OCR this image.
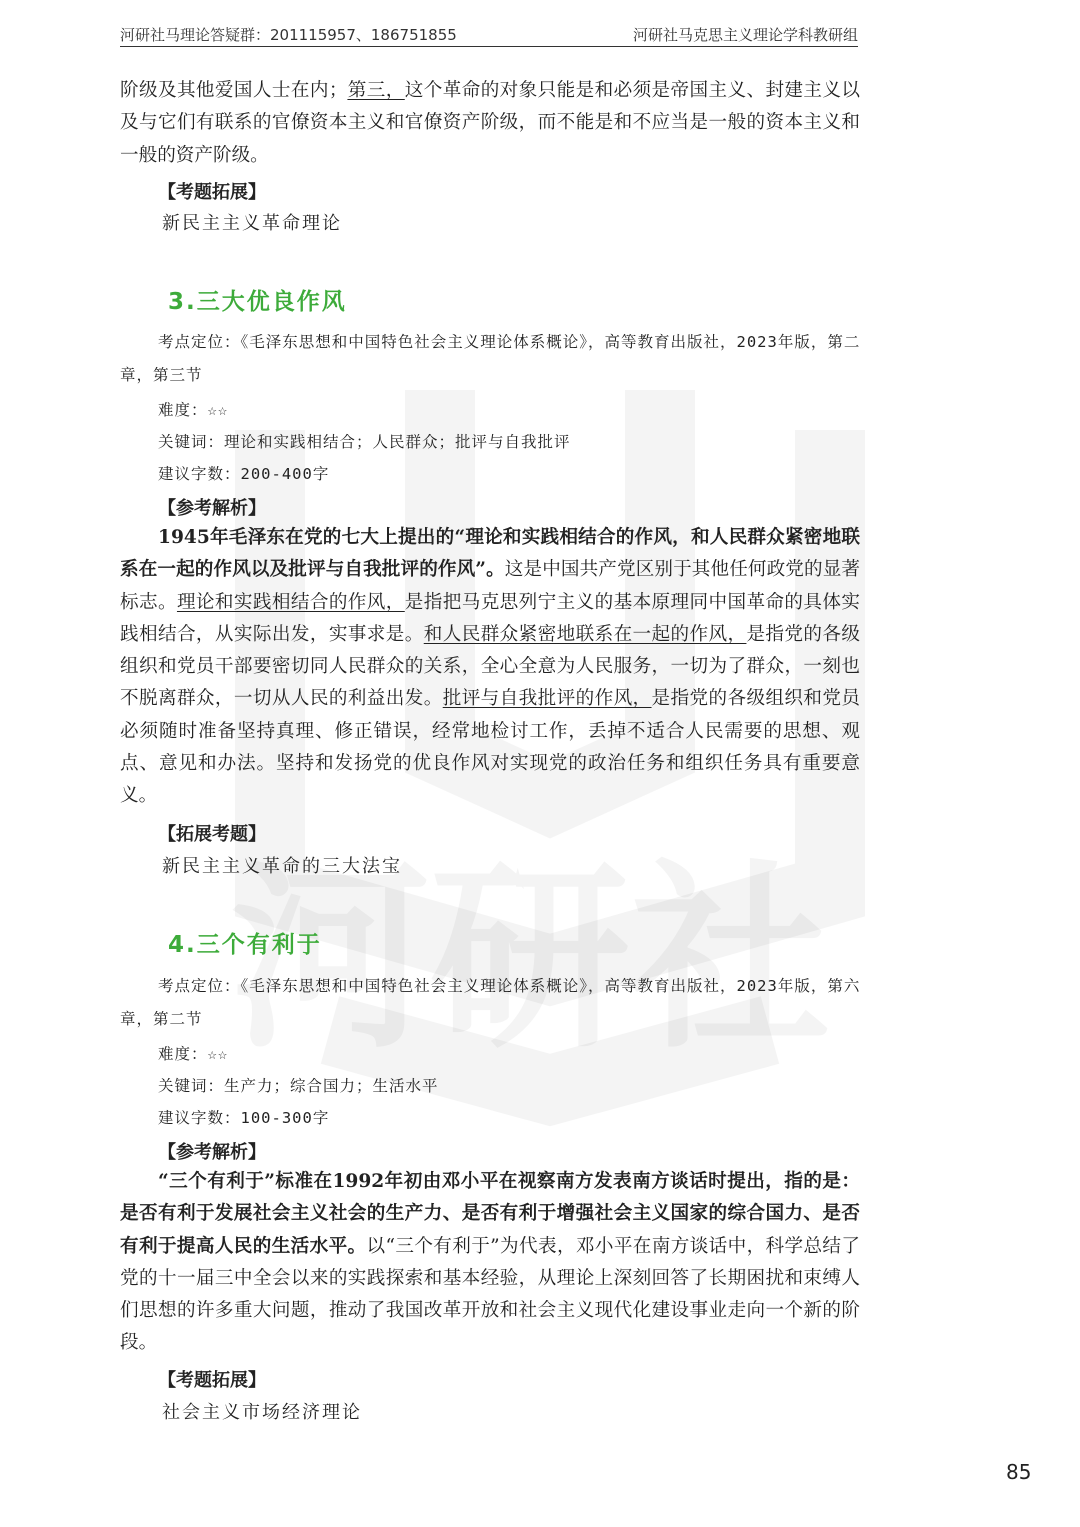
河研社马理论答疑群：201115957、186751855	河研社马克思主义理论学科教研组
阶级及其他爱国人士在内；第三，这个革命的对象只能是和必须是帝国主义、封建主义以及与它们有联系的官僚资本主义和官僚资产阶级，而不能是和不应当是一般的资本主义和一般的资产阶级。
【考题拓展】
新民主主义革命理论
3.三大优良作风
考点定位：《毛泽东思想和中国特色社会主义理论体系概论》，高等教育出版社，2023年版，第二章，第三节
难度：☆☆
关键词：理论和实践相结合；人民群众；批评与自我批评
建议字数：200-400字
【参考解析】
1945年毛泽东在党的七大上提出的“理论和实践相结合的作风，和人民群众紧密地联系在一起的作风以及批评与自我批评的作风”。这是中国共产党区别于其他任何政党的显著标志。理论和实践相结合的作风，是指把马克思列宁主义的基本原理同中国革命的具体实践相结合，从实际出发，实事求是。和人民群众紧密地联系在一起的作风，是指党的各级组织和党员干部要密切同人民群众的关系，全心全意为人民服务，一切为了群众，一刻也不脱离群众，一切从人民的利益出发。批评与自我批评的作风，是指党的各级组织和党员必须随时准备坚持真理、修正错误，经常地检讨工作，丢掉不适合人民需要的思想、观点、意见和办法。坚持和发扬党的优良作风对实现党的政治任务和组织任务具有重要意义。
【拓展考题】
新民主主义革命的三大法宝
4.三个有利于
考点定位：《毛泽东思想和中国特色社会主义理论体系概论》，高等教育出版社，2023年版，第六章，第二节
难度：☆☆
关键词：生产力；综合国力；生活水平
建议字数：100-300字
【参考解析】
“三个有利于”标准在1992年初由邓小平在视察南方发表南方谈话时提出，指的是：是否有利于发展社会主义社会的生产力、是否有利于增强社会主义国家的综合国力、是否有利于提高人民的生活水平。以“三个有利于”为代表，邓小平在南方谈话中，科学总结了党的十一届三中全会以来的实践探索和基本经验，从理论上深刻回答了长期困扰和束缚人们思想的许多重大问题，推动了我国改革开放和社会主义现代化建设事业走向一个新的阶段。
【考题拓展】
社会主义市场经济理论
85
